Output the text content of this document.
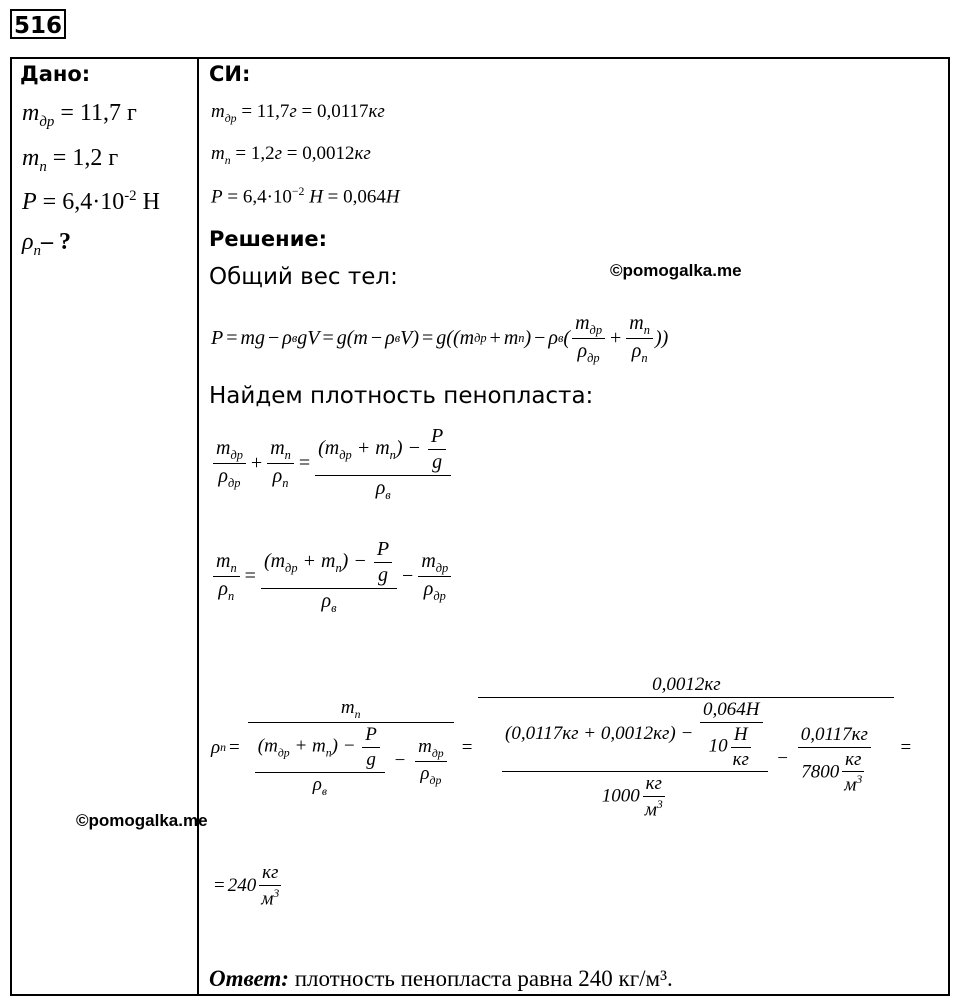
516
Дано:
$m_{др} = 11,7$ г
$m_п = 1,2$ г
$P = 6,4\cdot 10^{-2}$ Н
$\rho_п-$ ?
СИ:
$m_{др} = 11,7г = 0,0117кг$
$m_п = 1,2г = 0,0012кг$
$P = 6,4\cdot 10^{-2}$ Н = 0,064Н
Решение:
Общий вес тел:	©pomogalka.me
P = mg − ρ в gV = g(m − ρ в V) = g((m др + m п ) − ρ в ( $\frac{m_{др}}{\rho_{др}} + \frac{m_п}{\rho_п}$ ))
Найдем плотность пенопласта:
$\frac{m_{др}}{\rho_{др}} + \frac{m_п}{\rho_п} = \frac{(m_{др} + m_п) - \frac{P}{g}}{\rho_в}$
$\frac{m_п}{\rho_п} = \frac{(m_{др} + m_п) - \frac{P}{g}}{\rho_в} - \frac{m_{др}}{\rho_{др}}$
ρ $п = \frac{m_п}{\frac{(m_{др} + m_п) - \frac{P}{g}}{\rho_в} - \frac{m_{др}}{\rho_{др}}}$ =
0,0012кг
$\frac{(0,0117кг + 0,0012кг) - \frac{0,064Н}{10 \frac{Н}{кг}}}{1000 \frac{кг}{м^3}} - \frac{0,0117кг}{7800 \frac{кг}{м^3}}$ =
©pomogalka.me
= $240 \frac{кг}{м^3}$
Ответ: плотность пенопласта равна 240 кг/м³.
